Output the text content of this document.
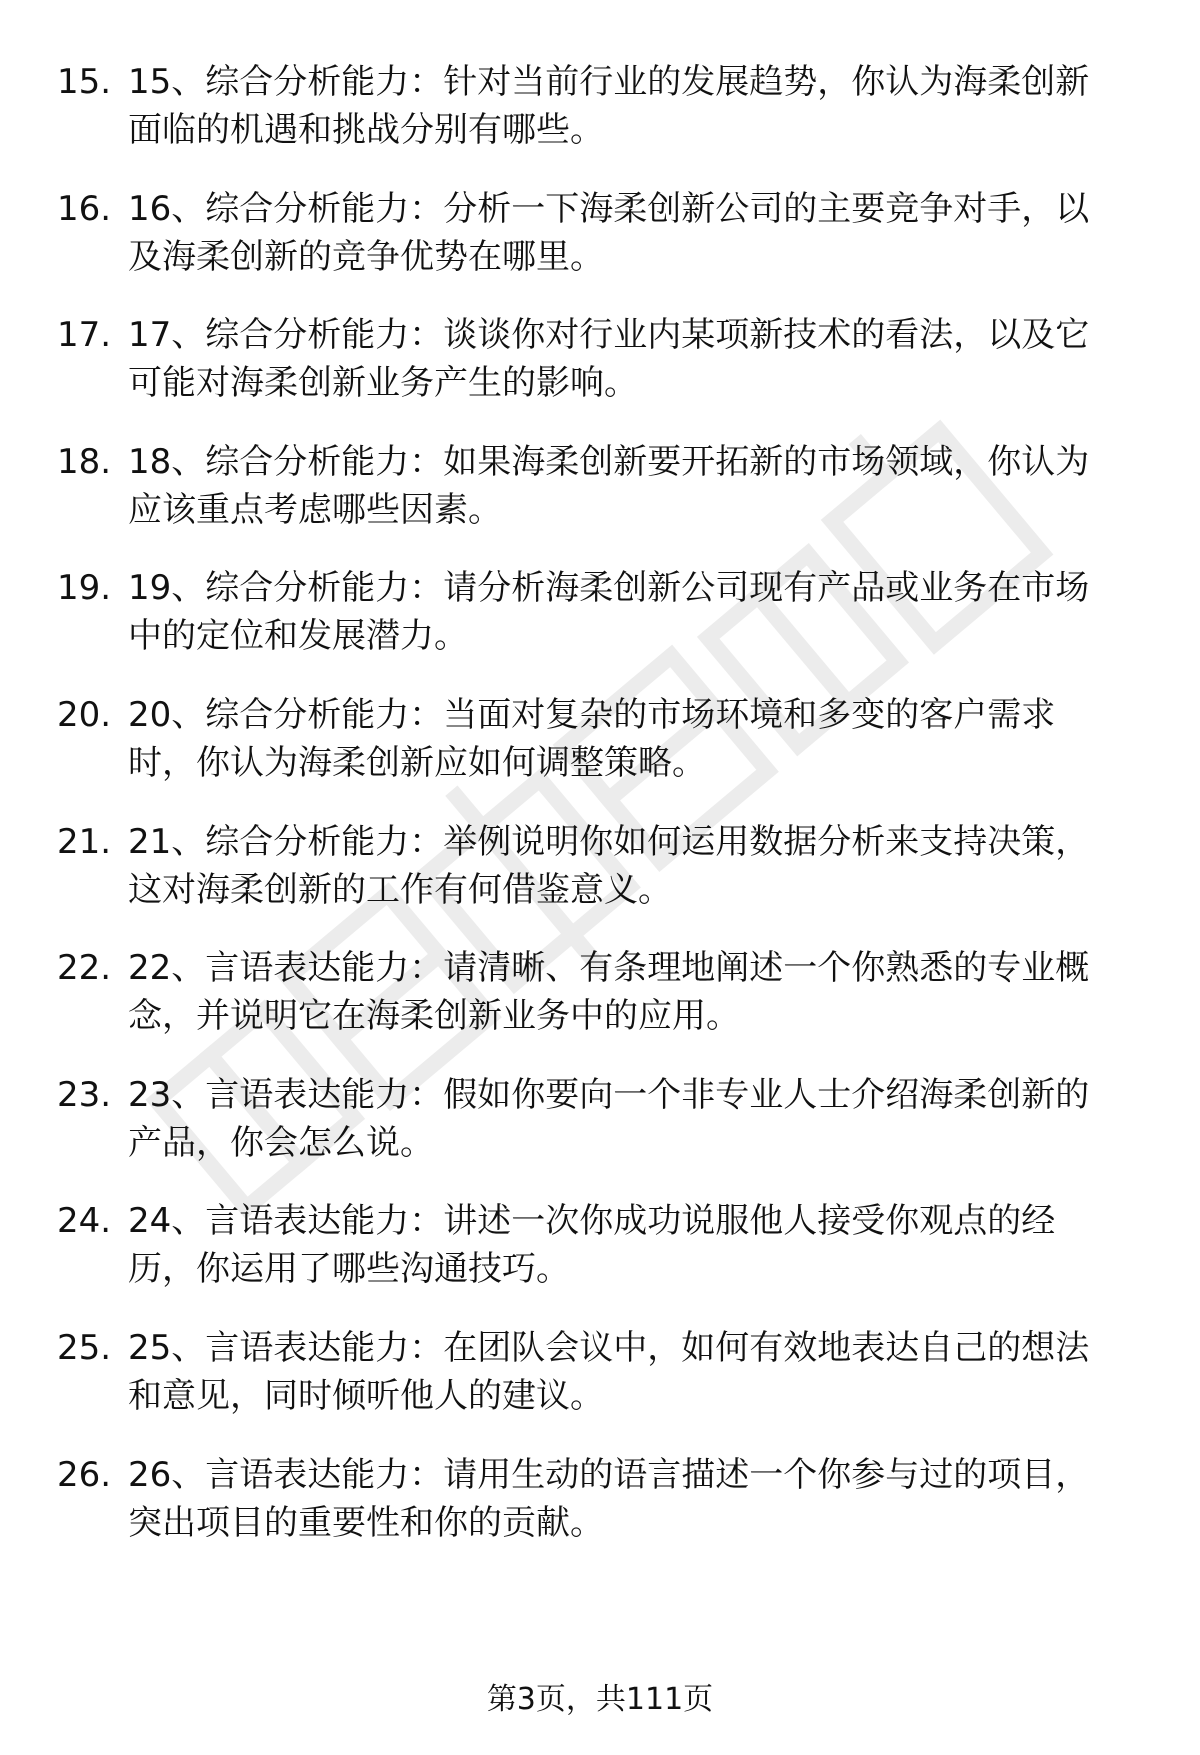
15. 15、综合分析能力：针对当前行业的发展趋势，你认为海柔创新
面临的机遇和挑战分别有哪些。
16. 16、综合分析能力：分析一下海柔创新公司的主要竞争对手，以
及海柔创新的竞争优势在哪里。
17. 17、综合分析能力：谈谈你对行业内某项新技术的看法，以及它
可能对海柔创新业务产生的影响。
18. 18、综合分析能力：如果海柔创新要开拓新的市场领域，你认为
应该重点考虑哪些因素。
19. 19、综合分析能力：请分析海柔创新公司现有产品或业务在市场
中的定位和发展潜力。
20. 20、综合分析能力：当面对复杂的市场环境和多变的客户需求
时，你认为海柔创新应如何调整策略。
21. 21、综合分析能力：举例说明你如何运用数据分析来支持决策，
这对海柔创新的工作有何借鉴意义。
22. 22、言语表达能力：请清晰、有条理地阐述一个你熟悉的专业概
念，并说明它在海柔创新业务中的应用。
23. 23、言语表达能力：假如你要向一个非专业人士介绍海柔创新的
产品，你会怎么说。
24. 24、言语表达能力：讲述一次你成功说服他人接受你观点的经
历，你运用了哪些沟通技巧。
25. 25、言语表达能力：在团队会议中，如何有效地表达自己的想法
和意见，同时倾听他人的建议。
26. 26、言语表达能力：请用生动的语言描述一个你参与过的项目，
突出项目的重要性和你的贡献。
第3页，共111页
